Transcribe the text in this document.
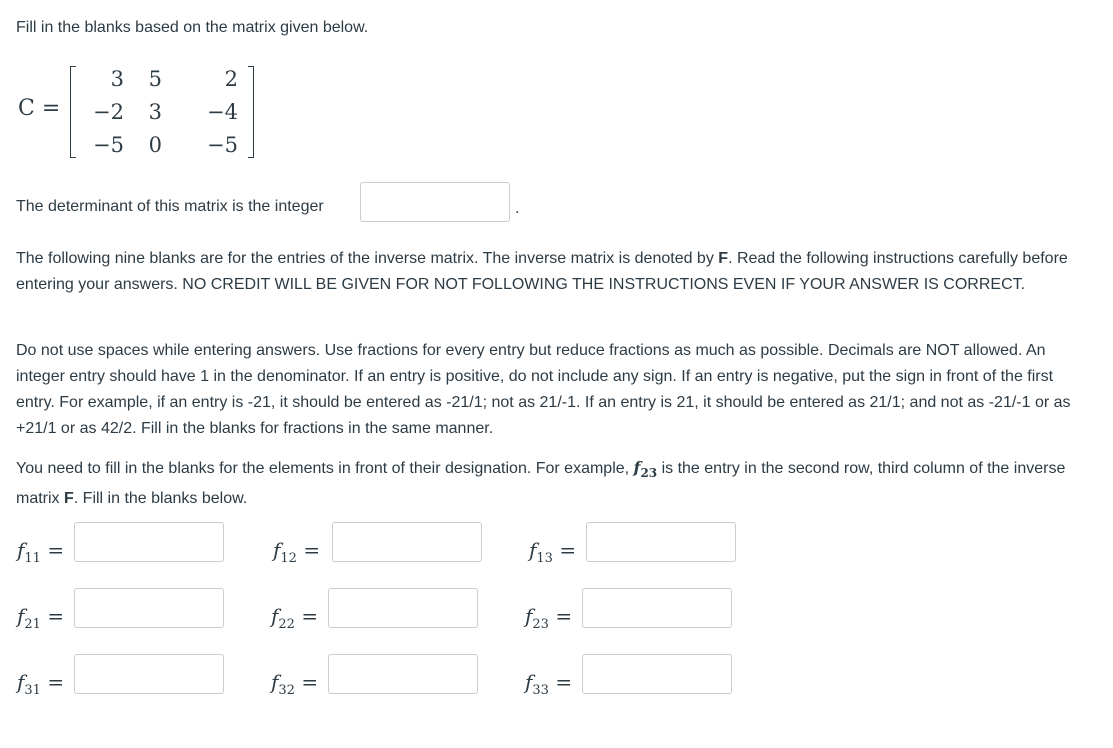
Fill in the blanks based on the matrix given below.
C =
3	5	2
−2	3	−4
−5	0	−5
The determinant of this matrix is the integer	.
The following nine blanks are for the entries of the inverse matrix. The inverse matrix is denoted by F. Read the following instructions carefully before entering your answers. NO CREDIT WILL BE GIVEN FOR NOT FOLLOWING THE INSTRUCTIONS EVEN IF YOUR ANSWER IS CORRECT.
Do not use spaces while entering answers. Use fractions for every entry but reduce fractions as much as possible. Decimals are NOT allowed. An integer entry should have 1 in the denominator. If an entry is positive, do not include any sign. If an entry is negative, put the sign in front of the first entry. For example, if an entry is -21, it should be entered as -21/1; not as 21/-1. If an entry is 21, it should be entered as 21/1; and not as -21/-1 or as +21/1 or as 42/2. Fill in the blanks for fractions in the same manner.
You need to fill in the blanks for the elements in front of their designation. For example, $f_{23}$ is the entry in the second row, third column of the inverse matrix F. Fill in the blanks below.
$f_{11}$ =	$f_{12}$ =	$f_{13}$ =
$f_{21}$ =	$f_{22}$ =	$f_{23}$ =
$f_{31}$ =	$f_{32}$ =	$f_{33}$ =
